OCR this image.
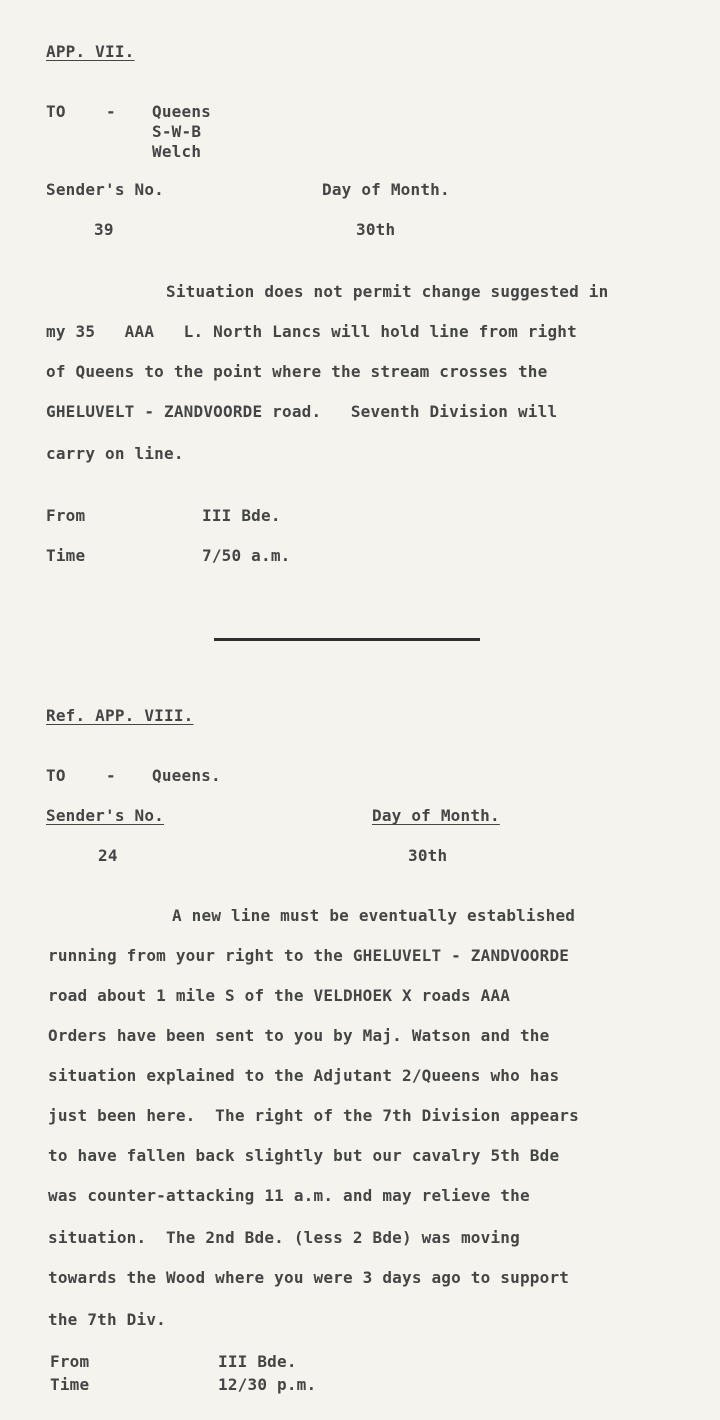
APP. VII.
TO	- Queens
S-W-B
Welch
Sender's No.	Day of Month.
39	30th
Situation does not permit change suggested in
my 35   AAA   L. North Lancs will hold line from right
of Queens to the point where the stream crosses the
GHELUVELT - ZANDVOORDE road.   Seventh Division will
carry on line.
From	III Bde.
Time	7/50 a.m.
Ref. APP. VIII.
TO	- Queens.
Sender's No.	Day of Month.
24	30th
A new line must be eventually established
running from your right to the GHELUVELT - ZANDVOORDE
road about 1 mile S of the VELDHOEK X roads AAA
Orders have been sent to you by Maj. Watson and the
situation explained to the Adjutant 2/Queens who has
just been here.  The right of the 7th Division appears
to have fallen back slightly but our cavalry 5th Bde
was counter-attacking 11 a.m. and may relieve the
situation.  The 2nd Bde. (less 2 Bde) was moving
towards the Wood where you were 3 days ago to support
the 7th Div.
From	III Bde.
Time	12/30 p.m.
